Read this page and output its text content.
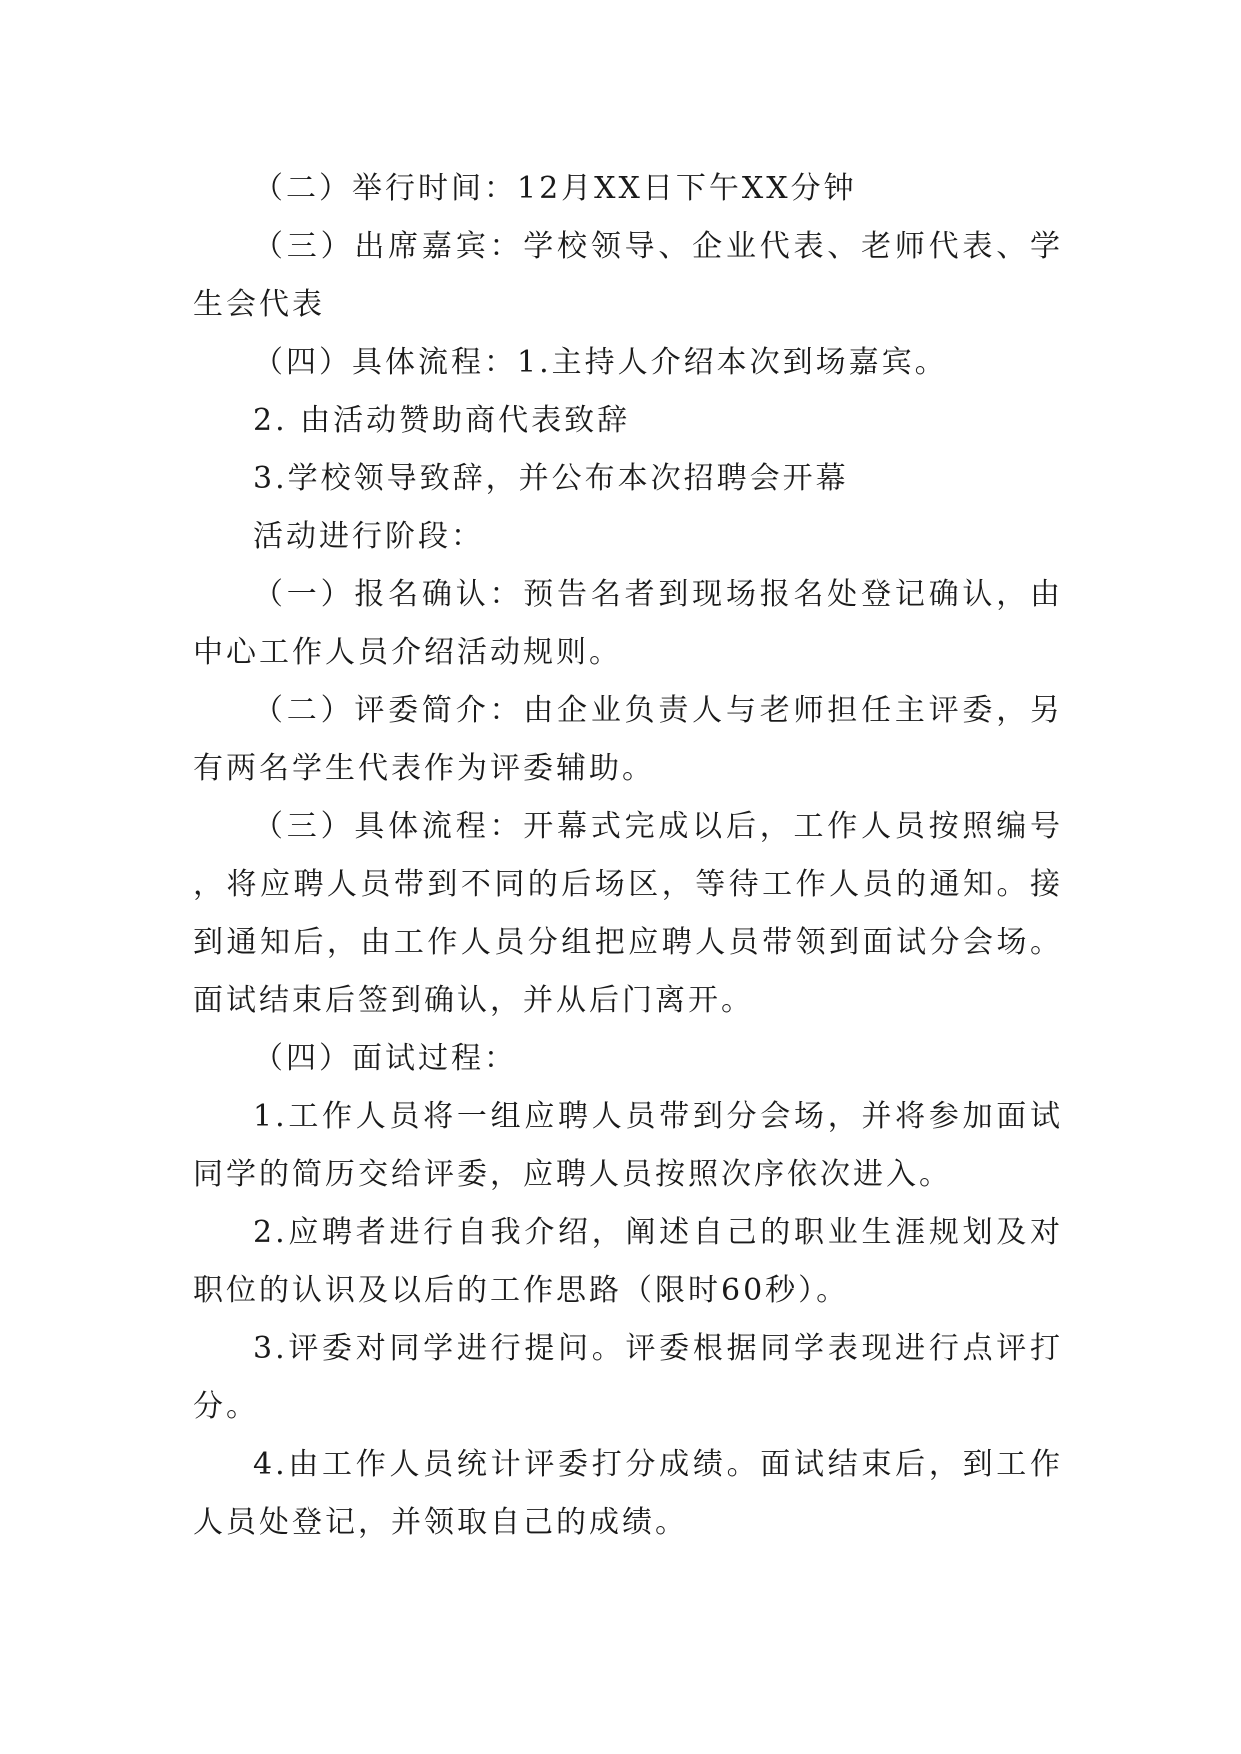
（二）举行时间：12月XX日下午XX分钟

（三）出席嘉宾：学校领导、企业代表、老师代表、学生会代表

（四）具体流程：1.主持人介绍本次到场嘉宾。

2. 由活动赞助商代表致辞

3.学校领导致辞，并公布本次招聘会开幕

活动进行阶段：

（一）报名确认：预告名者到现场报名处登记确认，由中心工作人员介绍活动规则。

（二）评委简介：由企业负责人与老师担任主评委，另有两名学生代表作为评委辅助。

（三）具体流程：开幕式完成以后，工作人员按照编号，将应聘人员带到不同的后场区，等待工作人员的通知。接到通知后，由工作人员分组把应聘人员带领到面试分会场。面试结束后签到确认，并从后门离开。

（四）面试过程：

1.工作人员将一组应聘人员带到分会场，并将参加面试同学的简历交给评委，应聘人员按照次序依次进入。

2.应聘者进行自我介绍，阐述自己的职业生涯规划及对职位的认识及以后的工作思路（限时60秒）。

3.评委对同学进行提问。评委根据同学表现进行点评打分。

4.由工作人员统计评委打分成绩。面试结束后，到工作人员处登记，并领取自己的成绩。
